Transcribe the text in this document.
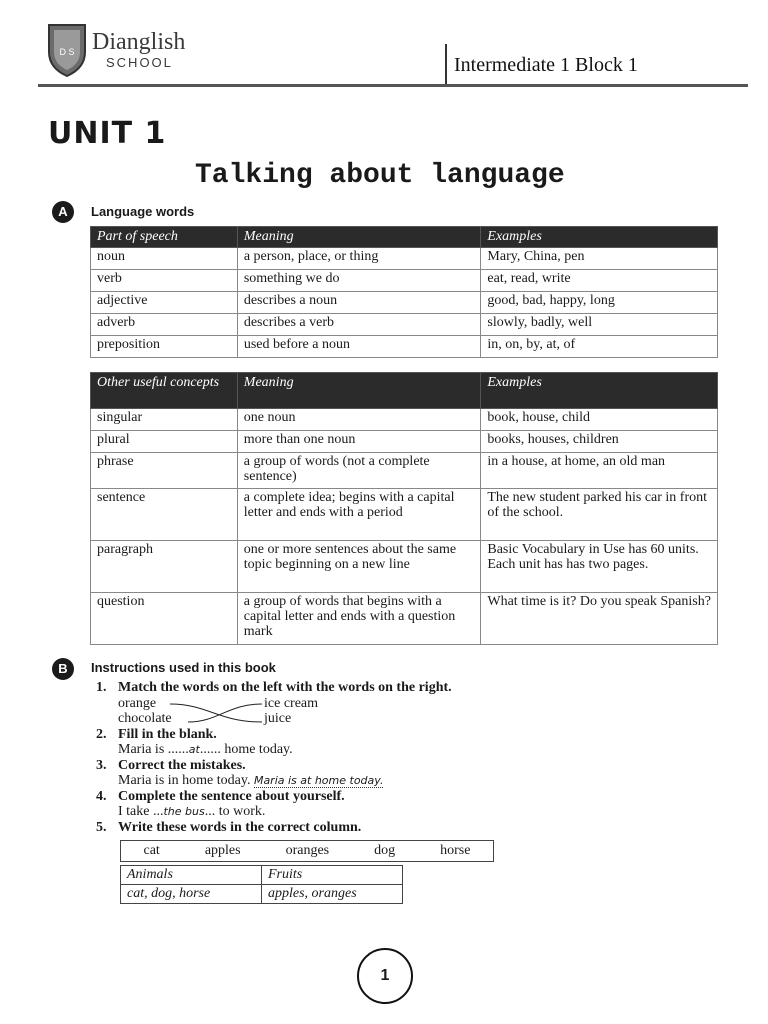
D S Dianglish
SCHOOL	Intermediate 1 Block 1
UNIT 1
Talking about language
A	Language words
Part of speech	Meaning	Examples
noun	a person, place, or thing	Mary, China, pen
verb	something we do	eat, read, write
adjective	describes a noun	good, bad, happy, long
adverb	describes a verb	slowly, badly, well
preposition	used before a noun	in, on, by, at, of
Other useful concepts	Meaning	Examples
singular	one noun	book, house, child
plural	more than one noun	books, houses, children
phrase	a group of words (not a complete sentence)	in a house, at home, an old man
sentence	a complete idea; begins with a capital letter and ends with a period	The new student parked his car in front of the school.
paragraph	one or more sentences about the same topic beginning on a new line	Basic Vocabulary in Use has 60 units. Each unit has has two pages.
question	a group of words that begins with a capital letter and ends with a question mark	What time is it? Do you speak Spanish?
B	Instructions used in this book
1. Match the words on the left with the words on the right.
orange
chocolate
ice cream
juice
2. Fill in the blank.
Maria is ......at...... home today.
3. Correct the mistakes.
Maria is in home today. Maria is at home today.
4. Complete the sentence about yourself.
I take ...the bus... to work.
5. Write these words in the correct column.
cat	apples	oranges	dog	horse
Animals	Fruits
cat, dog, horse	apples, oranges
1
